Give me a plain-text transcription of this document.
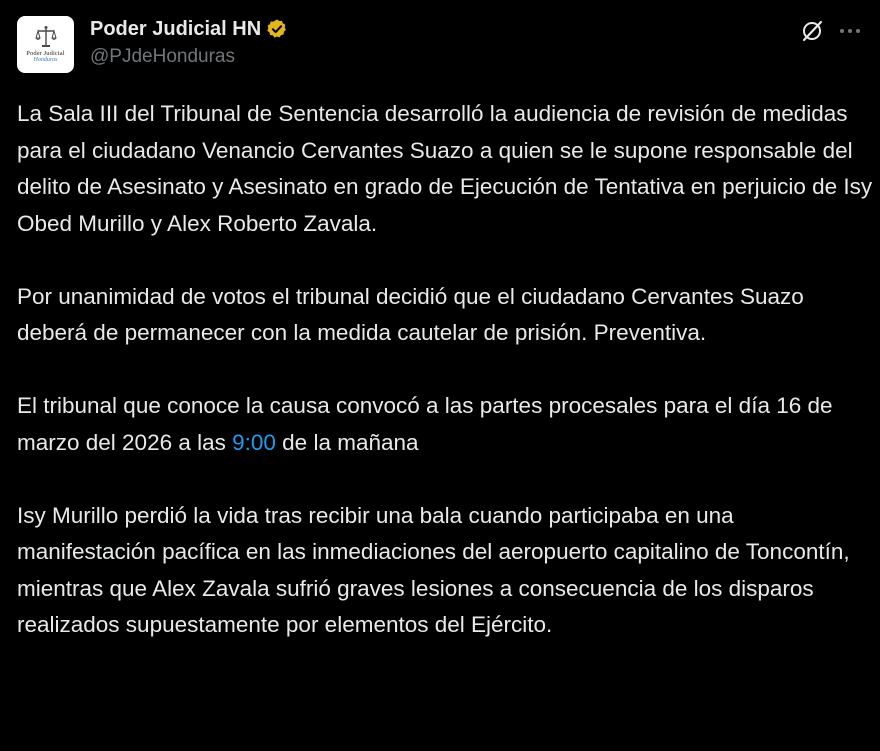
Poder Judicial
Honduras
Poder Judicial HN
@PJdeHonduras

La Sala III del Tribunal de Sentencia desarrolló la audiencia de revisión de medidas para el ciudadano Venancio Cervantes Suazo a quien se le supone responsable del delito de Asesinato y Asesinato en grado de Ejecución de Tentativa en perjuicio de Isy Obed Murillo y Alex Roberto Zavala.

Por unanimidad de votos el tribunal decidió que el ciudadano Cervantes Suazo deberá de permanecer con la medida cautelar de prisión. Preventiva.

El tribunal que conoce la causa convocó a las partes procesales para el día 16 de marzo del 2026 a las 9:00 de la mañana

Isy Murillo perdió la vida tras recibir una bala cuando participaba en una manifestación pacífica en las inmediaciones del aeropuerto capitalino de Toncontín, mientras que Alex Zavala sufrió graves lesiones a consecuencia de los disparos realizados supuestamente por elementos del Ejército.
